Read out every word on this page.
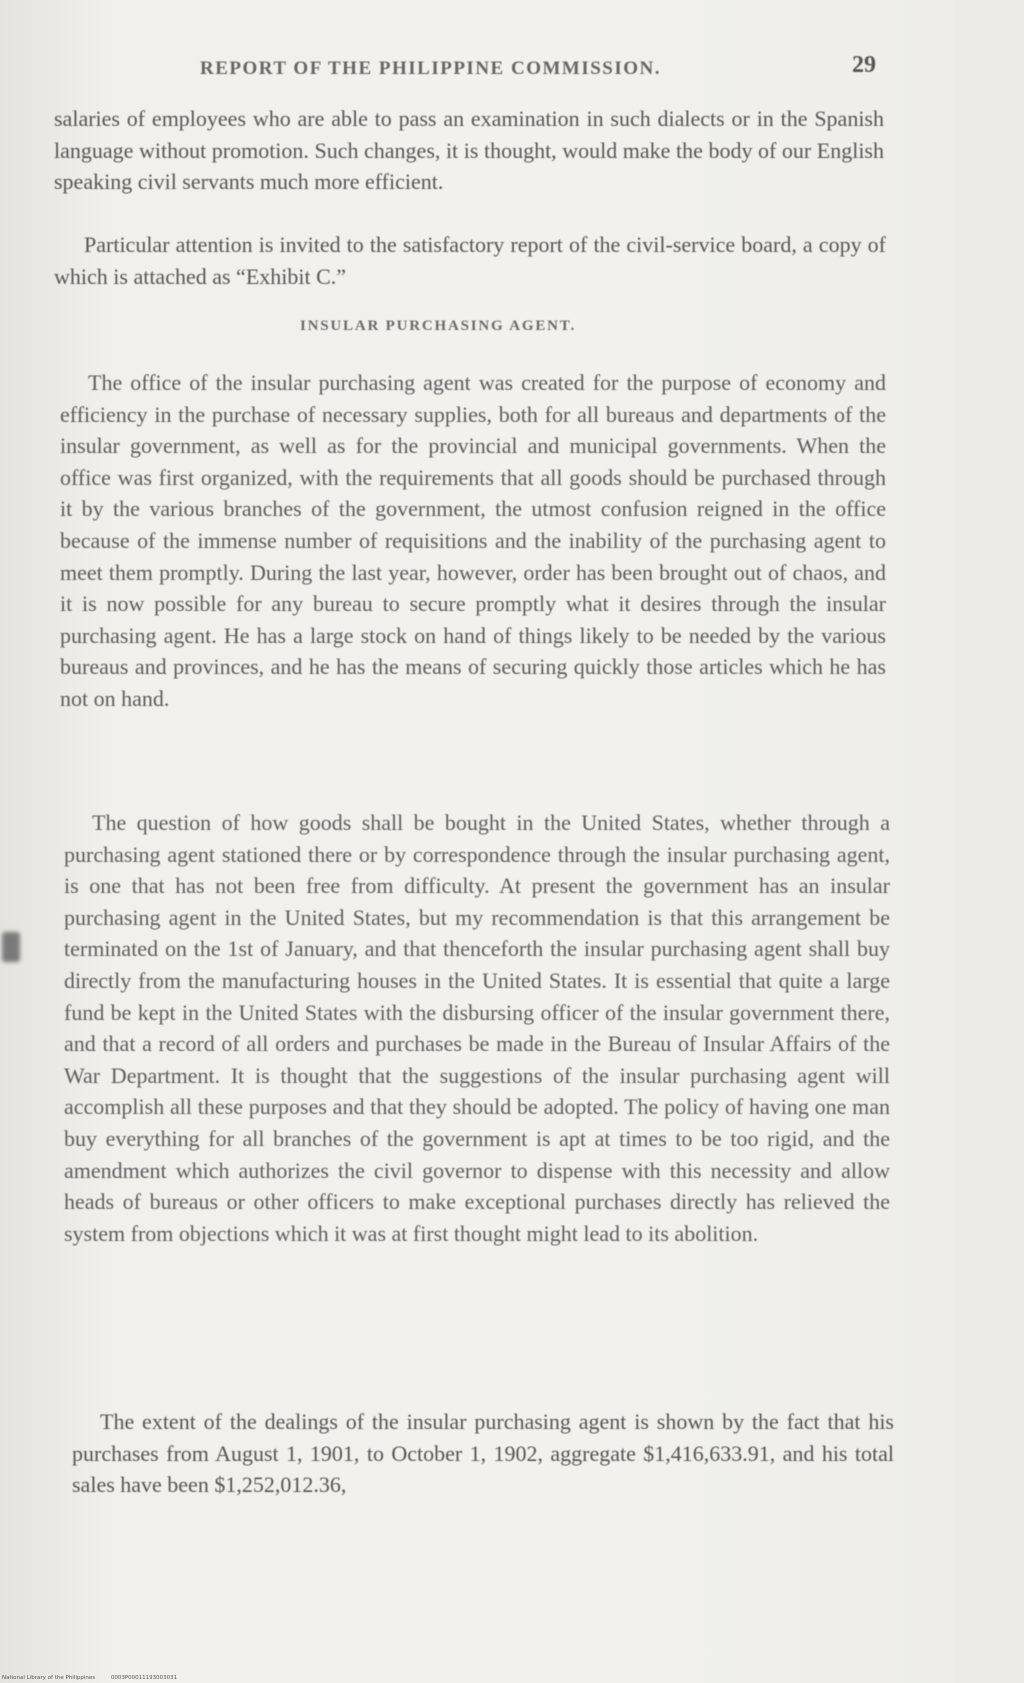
REPORT OF THE PHILIPPINE COMMISSION.	29

salaries of employees who are able to pass an examination in such dialects or in the Spanish language without promotion. Such changes, it is thought, would make the body of our English speaking civil servants much more efficient.

Particular attention is invited to the satisfactory report of the civil-service board, a copy of which is attached as “Exhibit C.”

INSULAR PURCHASING AGENT.

The office of the insular purchasing agent was created for the purpose of economy and efficiency in the purchase of necessary supplies, both for all bureaus and departments of the insular government, as well as for the provincial and municipal governments. When the office was first organized, with the requirements that all goods should be purchased through it by the various branches of the government, the utmost confusion reigned in the office because of the immense number of requisitions and the inability of the purchasing agent to meet them promptly. During the last year, however, order has been brought out of chaos, and it is now possible for any bureau to secure promptly what it desires through the insular purchasing agent. He has a large stock on hand of things likely to be needed by the various bureaus and provinces, and he has the means of securing quickly those articles which he has not on hand.

The question of how goods shall be bought in the United States, whether through a purchasing agent stationed there or by correspondence through the insular purchasing agent, is one that has not been free from difficulty. At present the government has an insular purchasing agent in the United States, but my recommendation is that this arrangement be terminated on the 1st of January, and that thenceforth the insular purchasing agent shall buy directly from the manufacturing houses in the United States. It is essential that quite a large fund be kept in the United States with the disbursing officer of the insular government there, and that a record of all orders and purchases be made in the Bureau of Insular Affairs of the War Department. It is thought that the suggestions of the insular purchasing agent will accomplish all these purposes and that they should be adopted. The policy of having one man buy everything for all branches of the government is apt at times to be too rigid, and the amendment which authorizes the civil governor to dispense with this necessity and allow heads of bureaus or other officers to make exceptional purchases directly has relieved the system from objections which it was at first thought might lead to its abolition.

The extent of the dealings of the insular purchasing agent is shown by the fact that his purchases from August 1, 1901, to October 1, 1902, aggregate $1,416,633.91, and his total sales have been $1,252,012.36,

National Library of the Philippines	0003P00011193003031
